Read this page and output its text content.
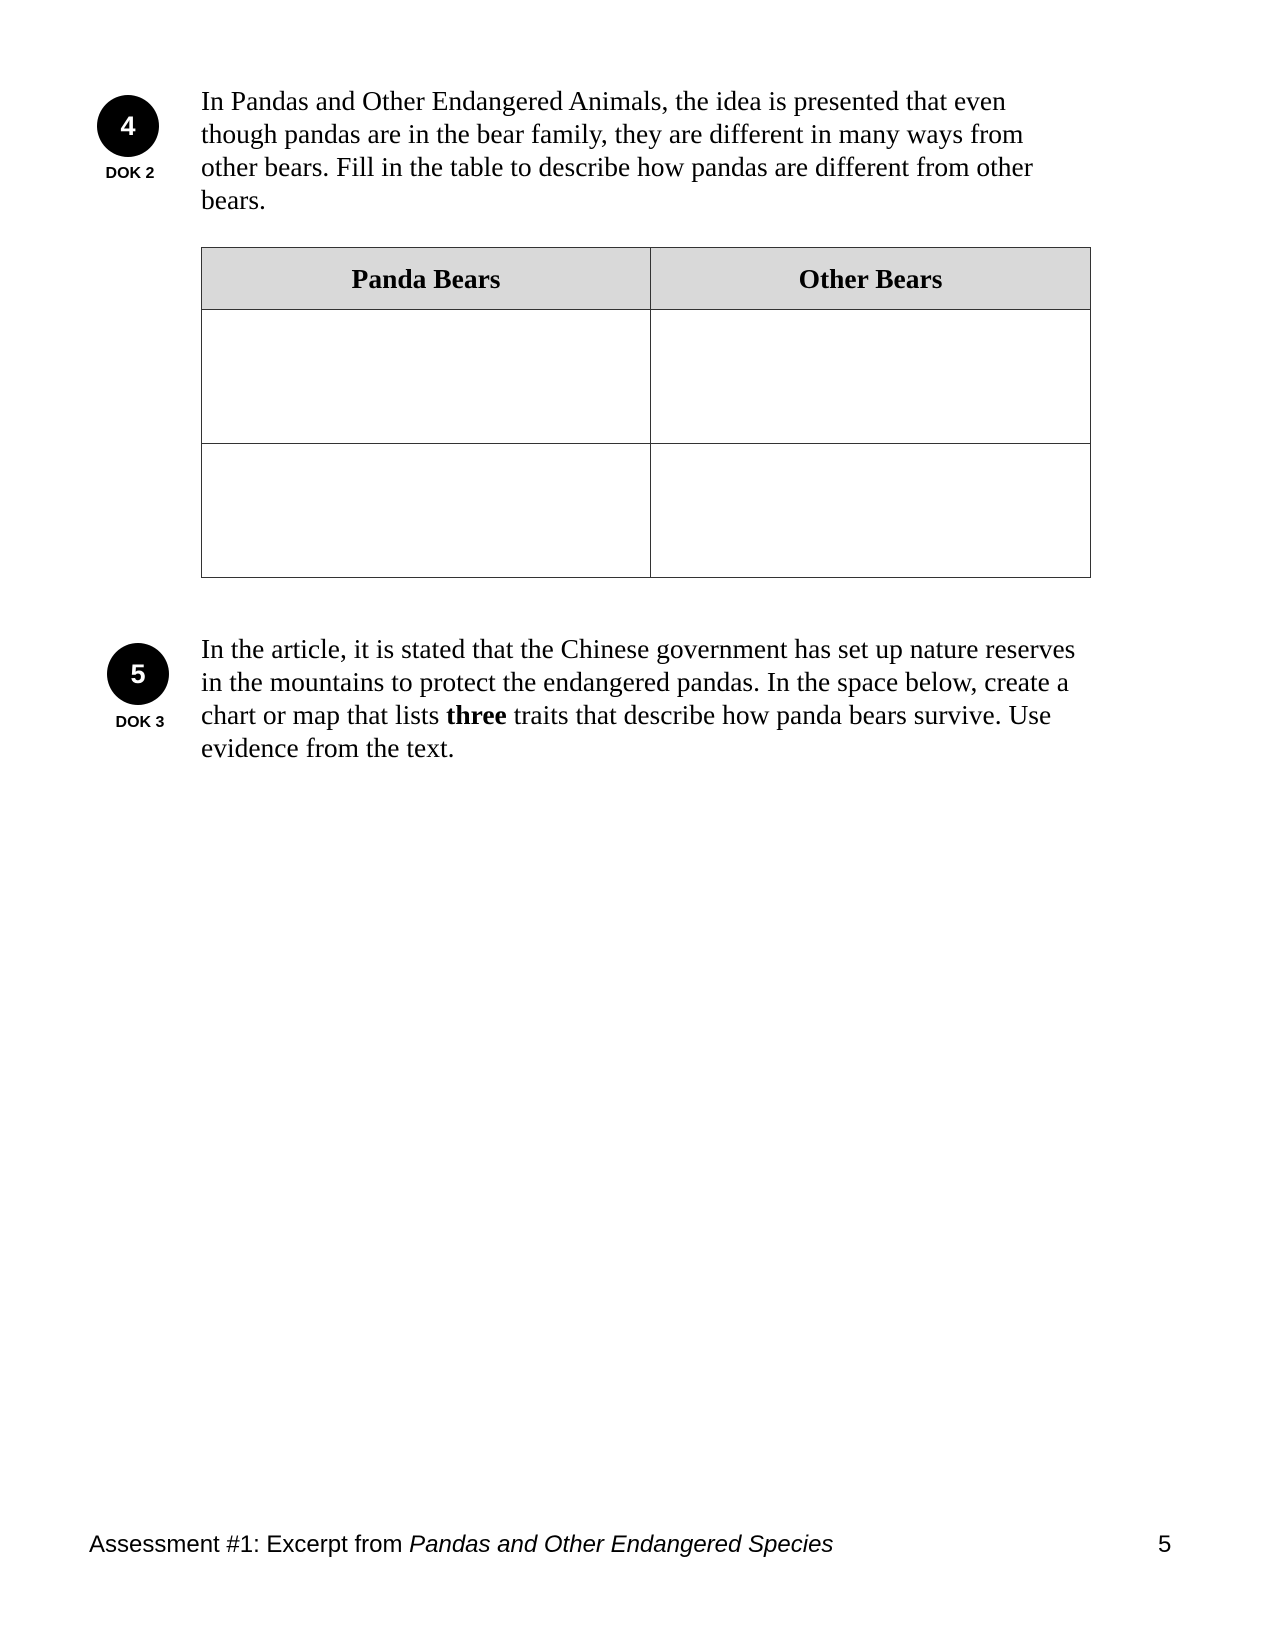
4
DOK 2

In Pandas and Other Endangered Animals, the idea is presented that even though pandas are in the bear family, they are different in many ways from other bears. Fill in the table to describe how pandas are different from other bears.

Panda Bears	Other Bears

5
DOK 3

In the article, it is stated that the Chinese government has set up nature reserves in the mountains to protect the endangered pandas. In the space below, create a chart or map that lists three traits that describe how panda bears survive. Use evidence from the text.

Assessment #1: Excerpt from Pandas and Other Endangered Species	5
